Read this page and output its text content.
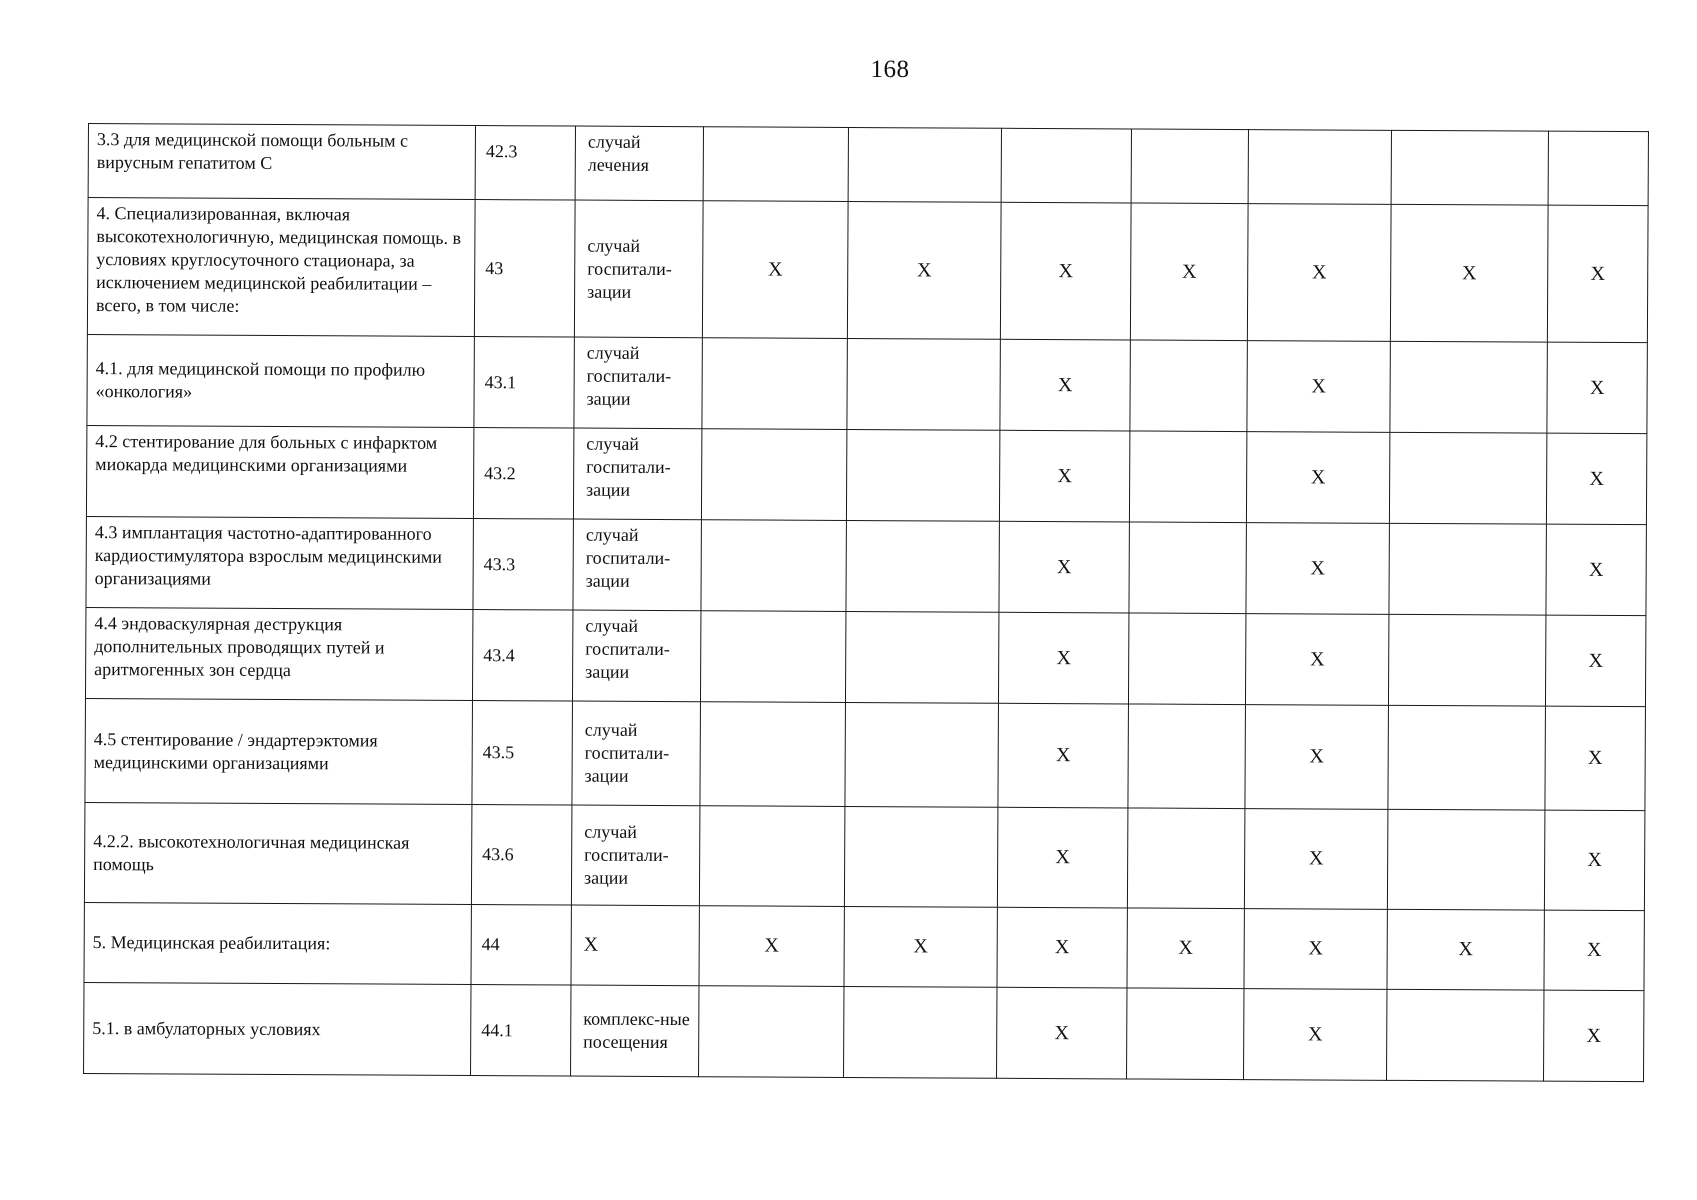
168
3.3 для медицинской помощи больным с вирусным гепатитом С	42.3	случай лечения							
4. Специализированная, включая высокотехнологичную, медицинская помощь. в условиях круглосуточного стационара, за исключением медицинской реабилитации – всего, в том числе:	43	случай госпитали-зации	X	X	X	X	X	X	X
4.1. для медицинской помощи по профилю «онкология»	43.1	случай госпитали-зации			X		X		X
4.2 стентирование для больных с инфарктом миокарда медицинскими организациями	43.2	случай госпитали-зации			X		X		X
4.3 имплантация частотно-адаптированного кардиостимулятора взрослым медицинскими организациями	43.3	случай госпитали-зации			X		X		X
4.4 эндоваскулярная деструкция дополнительных проводящих путей и аритмогенных зон сердца	43.4	случай госпитали-зации			X		X		X
4.5 стентирование / эндартерэктомия медицинскими организациями	43.5	случай госпитали-зации			X		X		X
4.2.2. высокотехнологичная медицинская помощь	43.6	случай госпитали-зации			X		X		X
5. Медицинская реабилитация:	44	X	X	X	X	X	X	X	X
5.1. в амбулаторных условиях	44.1	комплекс-ные посещения			X		X		X
